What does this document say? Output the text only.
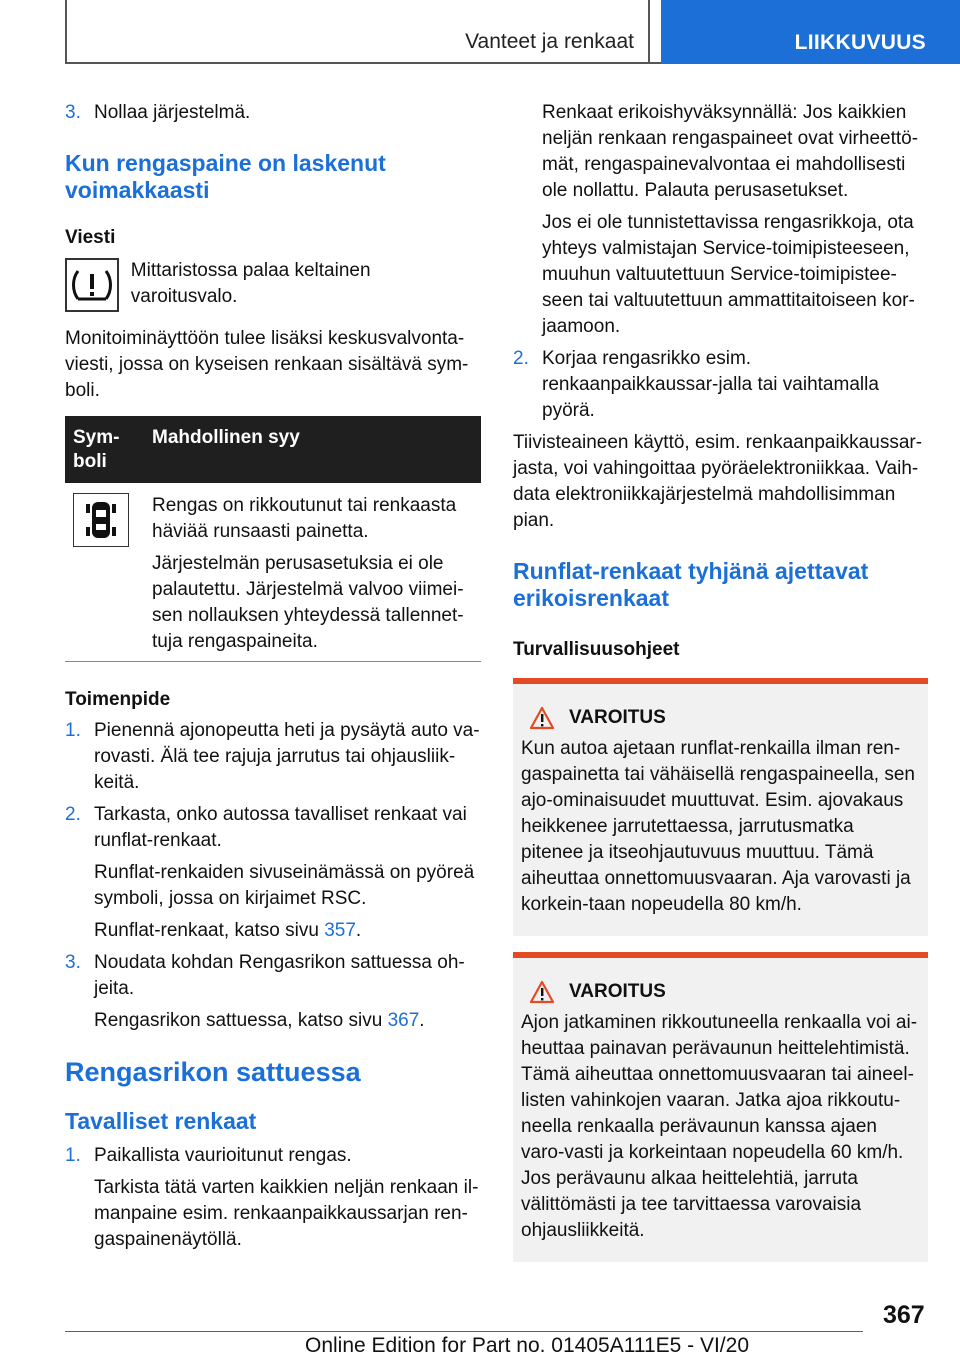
Vanteet ja renkaat	LIIKKUVUUS
3. Nollaa järjestelmä.
Kun rengaspaine on laskenut voimakkaasti
Viesti

Mittaristossa palaa keltainen varoitusvalo.

Monitoiminäyttöön tulee lisäksi keskusvalvonta-viesti, jossa on kyseisen renkaan sisältävä sym-boli.

Sym-boli
Mahdollinen syy

Rengas on rikkoutunut tai renkaasta häviää runsaasti painetta.

Järjestelmän perusasetuksia ei ole palautettu. Järjestelmä valvoo viimei-sen nollauksen yhteydessä tallennet-tuja rengaspaineita.

Toimenpide
1. Pienennä ajonopeutta heti ja pysäytä auto va-rovasti. Älä tee rajuja jarrutus tai ohjausliik-keitä.
2. Tarkasta, onko autossa tavalliset renkaat vai runflat-renkaat.
Runflat-renkaiden sivuseinämässä on pyöreä symboli, jossa on kirjaimet RSC.
Runflat-renkaat, katso sivu 357.
3. Noudata kohdan Rengasrikon sattuessa oh-jeita.
Rengasrikon sattuessa, katso sivu 367.
Rengasrikon sattuessa
Tavalliset renkaat
1. Paikallista vaurioitunut rengas.
Tarkista tätä varten kaikkien neljän renkaan il-manpaine esim. renkaanpaikkaussarjan ren-gaspainenäytöllä.
Renkaat erikoishyväksynnällä: Jos kaikkien neljän renkaan rengaspaineet ovat virheettö-mät, rengaspainevalvontaa ei mahdollisesti ole nollattu. Palauta perusasetukset.
Jos ei ole tunnistettavissa rengasrikkoja, ota yhteys valmistajan Service-toimipisteeseen, muuhun valtuutettuun Service-toimipistee-seen tai valtuutettuun ammattitaitoiseen kor-jaamoon.
2. Korjaa rengasrikko esim. renkaanpaikkaussar-jalla tai vaihtamalla pyörä.

Tiivisteaineen käyttö, esim. renkaanpaikkaussar-jasta, voi vahingoittaa pyöräelektroniikkaa. Vaih-data elektroniikkajärjestelmä mahdollisimman pian.

Runflat-renkaat tyhjänä ajettavat erikoisrenkaat
Turvallisuusohjeet
VAROITUS

Kun autoa ajetaan runflat-renkailla ilman ren-gaspainetta tai vähäisellä rengaspaineella, sen ajo-ominaisuudet muuttuvat. Esim. ajovakaus heikkenee jarrutettaessa, jarrutusmatka pitenee ja itseohjautuvuus muuttuu. Tämä aiheuttaa onnettomuusvaaran. Aja varovasti ja korkein-taan nopeudella 80 km/h.

VAROITUS

Ajon jatkaminen rikkoutuneella renkaalla voi ai-heuttaa painavan perävaunun heittelehtimistä. Tämä aiheuttaa onnettomuusvaaran tai aineel-listen vahinkojen vaaran. Jatka ajoa rikkoutu-neella renkaalla perävaunun kanssa ajaen varo-vasti ja korkeintaan nopeudella 60 km/h. Jos perävaunu alkaa heittelehtiä, jarruta välittömästi ja tee tarvittaessa varovaisia ohjausliikkeitä.

367
Online Edition for Part no. 01405A111E5 - VI/20
